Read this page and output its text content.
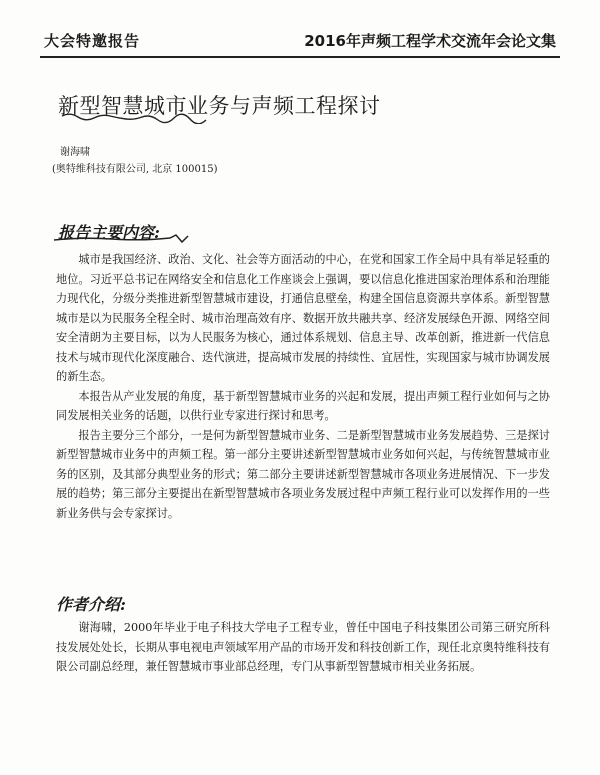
大会特邀报告	2016年声频工程学术交流年会论文集
新型智慧城市业务与声频工程探讨
谢海啸
(奥特维科技有限公司, 北京 100015)
报告主要内容:

城市是我国经济、政治、文化、社会等方面活动的中心，在党和国家工作全局中具有举足轻重的地位。习近平总书记在网络安全和信息化工作座谈会上强调，要以信息化推进国家治理体系和治理能力现代化，分级分类推进新型智慧城市建设，打通信息壁垒，构建全国信息资源共享体系。新型智慧城市是以为民服务全程全时、城市治理高效有序、数据开放共融共享、经济发展绿色开源、网络空间安全清朗为主要目标，以为人民服务为核心，通过体系规划、信息主导、改革创新，推进新一代信息技术与城市现代化深度融合、迭代演进，提高城市发展的持续性、宜居性，实现国家与城市协调发展的新生态。

本报告从产业发展的角度，基于新型智慧城市业务的兴起和发展，提出声频工程行业如何与之协同发展相关业务的话题，以供行业专家进行探讨和思考。

报告主要分三个部分，一是何为新型智慧城市业务、二是新型智慧城市业务发展趋势、三是探讨新型智慧城市业务中的声频工程。第一部分主要讲述新型智慧城市业务如何兴起，与传统智慧城市业务的区别，及其部分典型业务的形式；第二部分主要讲述新型智慧城市各项业务进展情况、下一步发展的趋势；第三部分主要提出在新型智慧城市各项业务发展过程中声频工程行业可以发挥作用的一些新业务供与会专家探讨。

作者介绍:

谢海啸，2000年毕业于电子科技大学电子工程专业，曾任中国电子科技集团公司第三研究所科技发展处处长，长期从事电视电声领域军用产品的市场开发和科技创新工作，现任北京奥特维科技有限公司副总经理，兼任智慧城市事业部总经理，专门从事新型智慧城市相关业务拓展。
